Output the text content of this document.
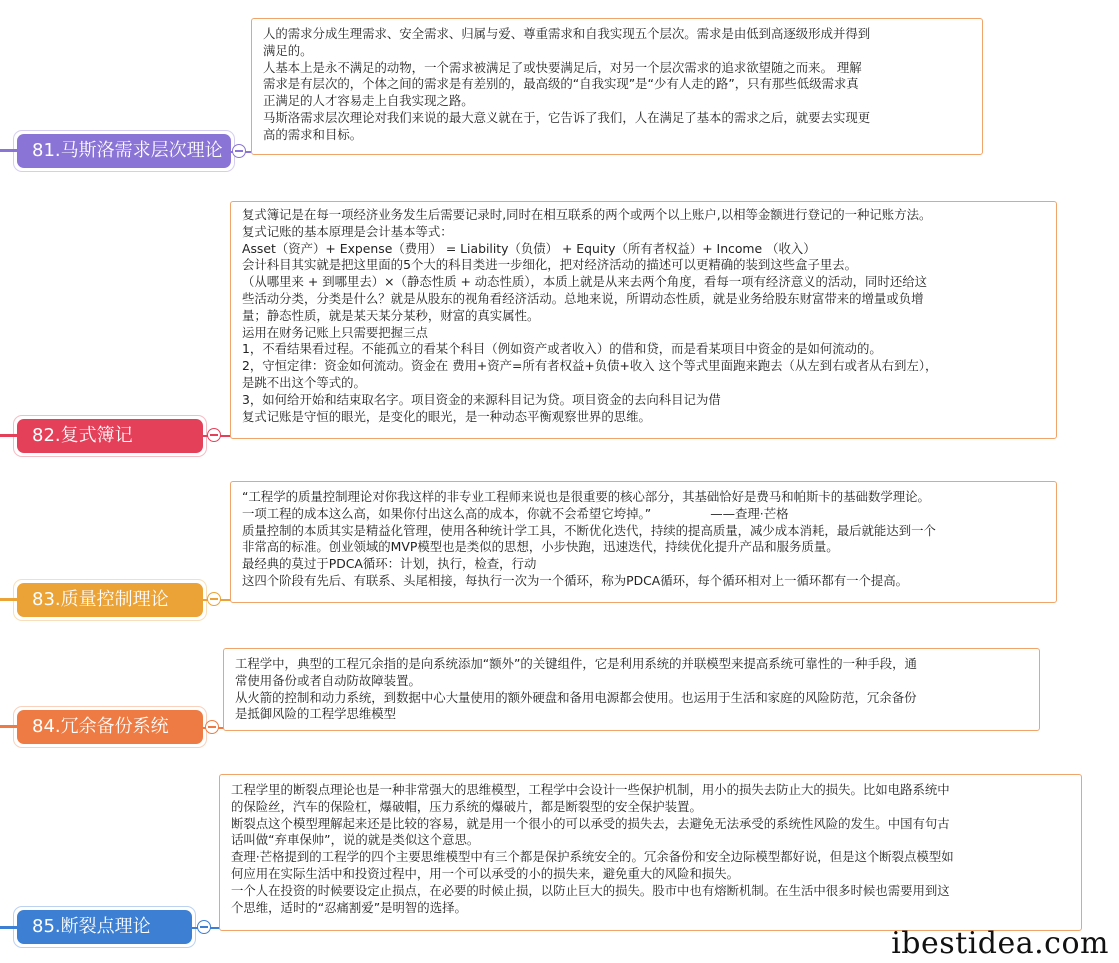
81.马斯洛需求层次理论
人的需求分成生理需求、安全需求、归属与爱、尊重需求和自我实现五个层次。需求是由低到高逐级形成并得到
满足的。
人基本上是永不满足的动物，一个需求被满足了或快要满足后，对另一个层次需求的追求欲望随之而来。 理解
需求是有层次的，个体之间的需求是有差别的，最高级的“自我实现”是“少有人走的路”，只有那些低级需求真
正满足的人才容易走上自我实现之路。
马斯洛需求层次理论对我们来说的最大意义就在于，它告诉了我们，人在满足了基本的需求之后，就要去实现更
高的需求和目标。
82.复式簿记
复式簿记是在每一项经济业务发生后需要记录时,同时在相互联系的两个或两个以上账户,以相等金额进行登记的一种记账方法。
复式记账的基本原理是会计基本等式：
Asset（资产）+ Expense（费用） = Liability（负债） + Equity（所有者权益）+ Income （收入）
会计科目其实就是把这里面的5个大的科目类进一步细化，把对经济活动的描述可以更精确的装到这些盒子里去。
（从哪里来 + 到哪里去）×（静态性质 + 动态性质），本质上就是从来去两个角度，看每一项有经济意义的活动，同时还给这
些活动分类，分类是什么？就是从股东的视角看经济活动。总地来说，所谓动态性质，就是业务给股东财富带来的增量或负增
量；静态性质，就是某天某分某秒，财富的真实属性。
运用在财务记账上只需要把握三点
1，不看结果看过程。不能孤立的看某个科目（例如资产或者收入）的借和贷，而是看某项目中资金的是如何流动的。
2，守恒定律：资金如何流动。资金在 费用+资产=所有者权益+负债+收入 这个等式里面跑来跑去（从左到右或者从右到左），
是跳不出这个等式的。
3，如何给开始和结束取名字。项目资金的来源科目记为贷。项目资金的去向科目记为借
复式记账是守恒的眼光，是变化的眼光，是一种动态平衡观察世界的思维。
83.质量控制理论
“工程学的质量控制理论对你我这样的非专业工程师来说也是很重要的核心部分，其基础恰好是费马和帕斯卡的基础数学理论。
一项工程的成本这么高，如果你付出这么高的成本，你就不会希望它垮掉。”               ——查理·芒格
质量控制的本质其实是精益化管理，使用各种统计学工具，不断优化迭代，持续的提高质量，减少成本消耗，最后就能达到一个
非常高的标准。创业领域的MVP模型也是类似的思想，小步快跑，迅速迭代，持续优化提升产品和服务质量。
最经典的莫过于PDCA循环：计划，执行，检查，行动
这四个阶段有先后、有联系、头尾相接，每执行一次为一个循环，称为PDCA循环，每个循环相对上一循环都有一个提高。
84.冗余备份系统
工程学中，典型的工程冗余指的是向系统添加“额外”的关键组件，它是利用系统的并联模型来提高系统可靠性的一种手段，通
常使用备份或者自动防故障装置。
从火箭的控制和动力系统，到数据中心大量使用的额外硬盘和备用电源都会使用。也运用于生活和家庭的风险防范，冗余备份
是抵御风险的工程学思维模型
85.断裂点理论
工程学里的断裂点理论也是一种非常强大的思维模型，工程学中会设计一些保护机制，用小的损失去防止大的损失。比如电路系统中
的保险丝，汽车的保险杠，爆破帽，压力系统的爆破片，都是断裂型的安全保护装置。
断裂点这个模型理解起来还是比较的容易，就是用一个很小的可以承受的损失去，去避免无法承受的系统性风险的发生。中国有句古
话叫做“弃車保帅”，说的就是类似这个意思。
查理·芒格提到的工程学的四个主要思维模型中有三个都是保护系统安全的。冗余备份和安全边际模型都好说，但是这个断裂点模型如
何应用在实际生活中和投资过程中，用一个可以承受的小的损失来，避免重大的风险和损失。
一个人在投资的时候要设定止损点，在必要的时候止损，以防止巨大的损失。股市中也有熔断机制。在生活中很多时候也需要用到这
个思维，适时的“忍痛割爱”是明智的选择。
ibestidea.com
